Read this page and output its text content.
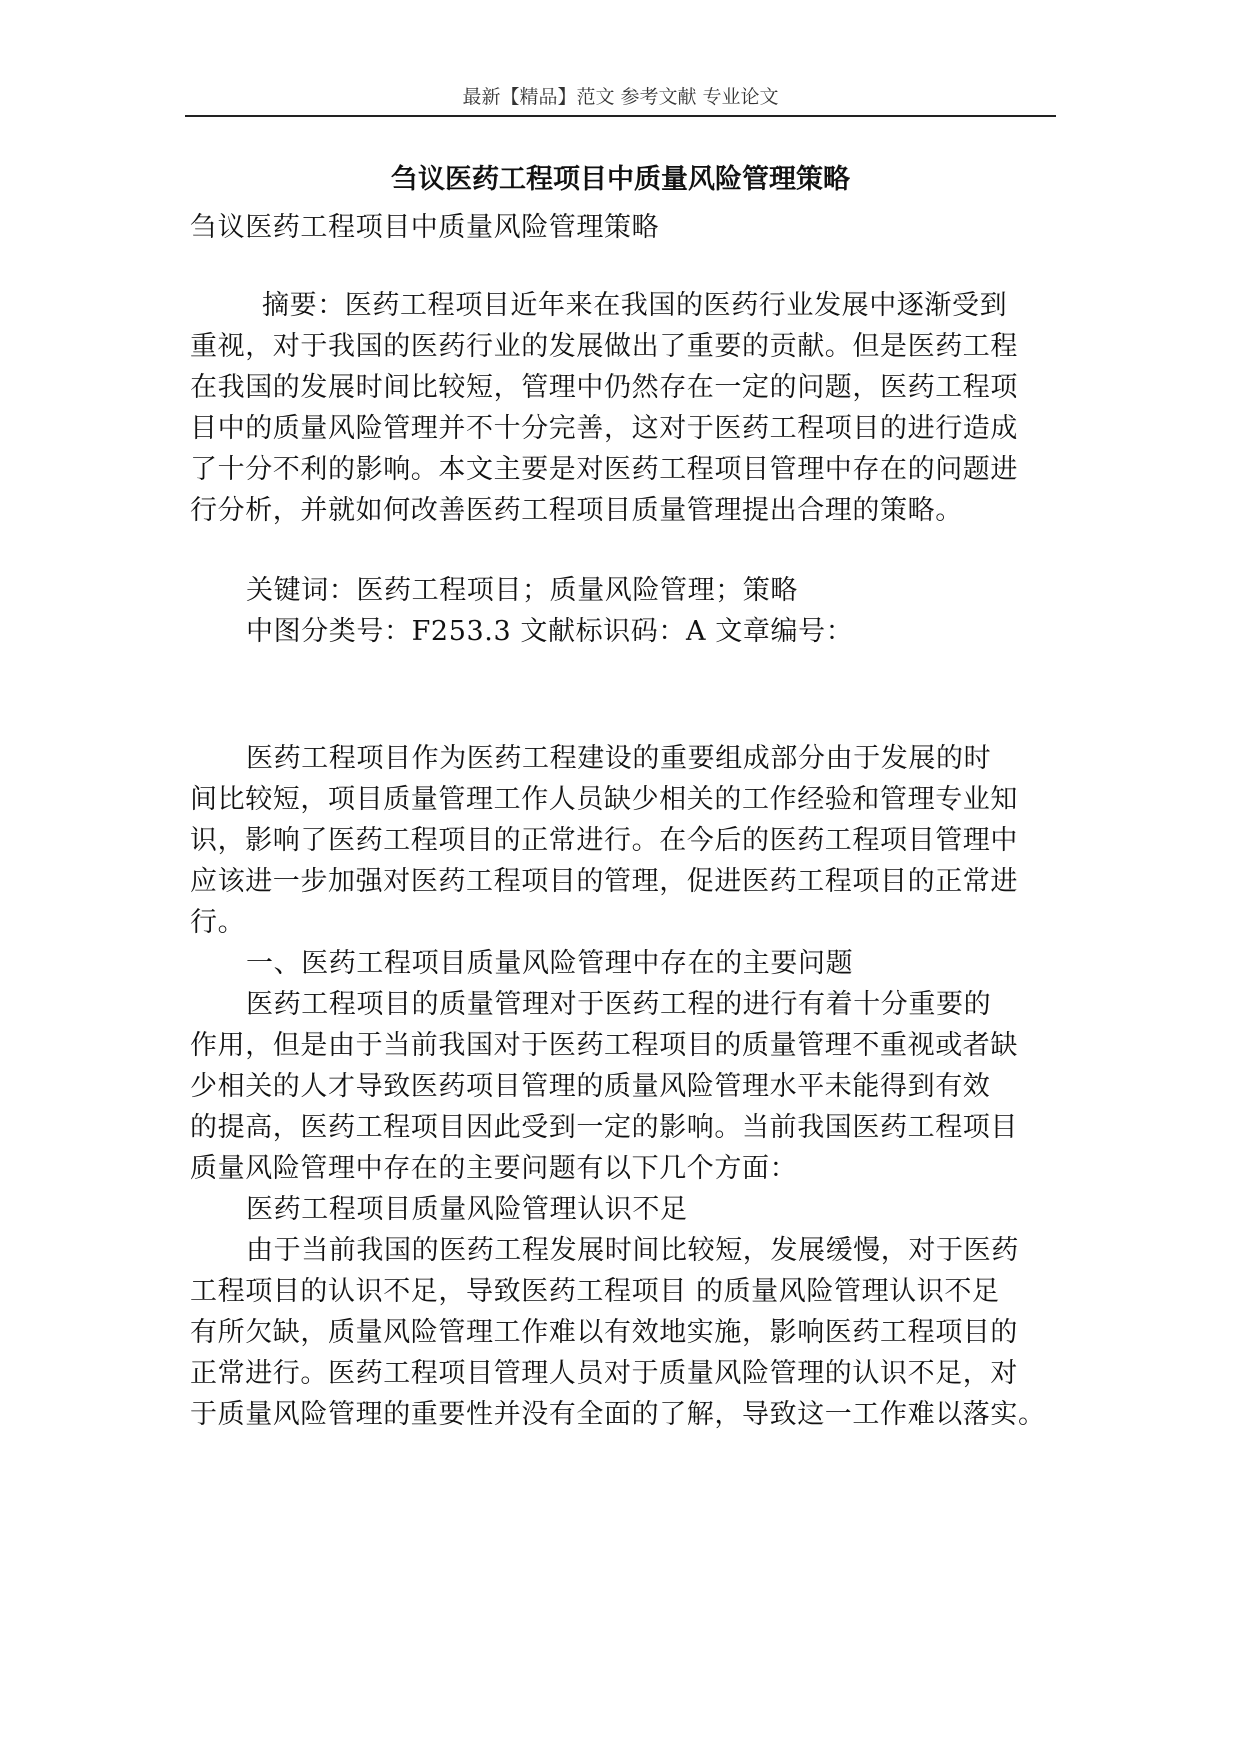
最新【精品】范文 参考文献 专业论文
刍议医药工程项目中质量风险管理策略
刍议医药工程项目中质量风险管理策略
摘要：医药工程项目近年来在我国的医药行业发展中逐渐受到
重视，对于我国的医药行业的发展做出了重要的贡献。但是医药工程
在我国的发展时间比较短，管理中仍然存在一定的问题，医药工程项
目中的质量风险管理并不十分完善，这对于医药工程项目的进行造成
了十分不利的影响。本文主要是对医药工程项目管理中存在的问题进
行分析，并就如何改善医药工程项目质量管理提出合理的策略。
关键词：医药工程项目；质量风险管理；策略
中图分类号：F253.3 文献标识码：A 文章编号：
医药工程项目作为医药工程建设的重要组成部分由于发展的时
间比较短，项目质量管理工作人员缺少相关的工作经验和管理专业知
识，影响了医药工程项目的正常进行。在今后的医药工程项目管理中
应该进一步加强对医药工程项目的管理，促进医药工程项目的正常进
行。
一、医药工程项目质量风险管理中存在的主要问题
医药工程项目的质量管理对于医药工程的进行有着十分重要的
作用，但是由于当前我国对于医药工程项目的质量管理不重视或者缺
少相关的人才导致医药项目管理的质量风险管理水平未能得到有效
的提高，医药工程项目因此受到一定的影响。当前我国医药工程项目
质量风险管理中存在的主要问题有以下几个方面：
医药工程项目质量风险管理认识不足
由于当前我国的医药工程发展时间比较短，发展缓慢，对于医药
工程项目的认识不足，导致医药工程项目 的质量风险管理认识不足
有所欠缺，质量风险管理工作难以有效地实施，影响医药工程项目的
正常进行。医药工程项目管理人员对于质量风险管理的认识不足，对
于质量风险管理的重要性并没有全面的了解，导致这一工作难以落实。
